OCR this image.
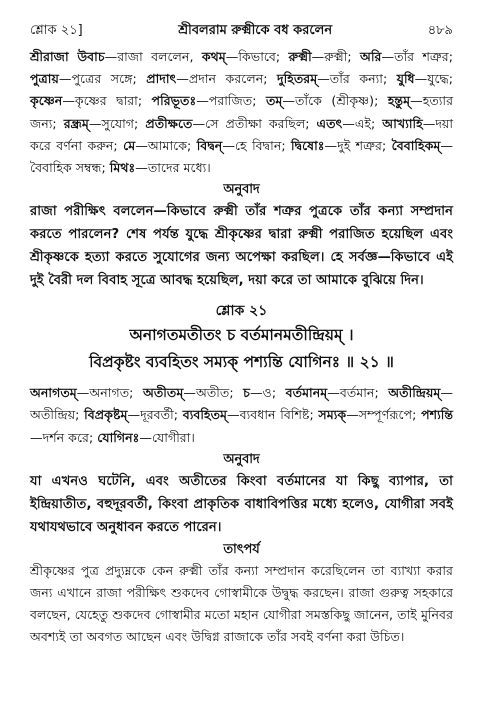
শ্লোক ২১]	শ্রীবলরাম রুক্মীকে বধ করলেন	৪৮৯

শ্রীরাজা উবাচ—রাজা বললেন, কথম্—কিভাবে; রুক্মী—রুক্মী; অরি—তাঁর শত্রুর; পুত্রায়—পুত্রের সঙ্গে; প্রাদাৎ—প্রদান করলেন; দুহিতরম্—তাঁর কন্যা; যুধি—যুদ্ধে; কৃষ্ণেন—কৃষ্ণের দ্বারা; পরিভূতঃ—পরাজিত; তম্—তাঁকে (শ্রীকৃষ্ণ); হন্তুম্—হত্যার জন্য; রন্ধ্রম্—সুযোগ; প্রতীক্ষতে—সে প্রতীক্ষা করছিল; এতৎ—এই; আখ্যাহি—দয়া করে বর্ণনা করুন; মে—আমাকে; বিদ্বন্—হে বিদ্বান; দ্বিষোঃ—দুই শত্রুর; বৈবাহিকম্—বৈবাহিক সম্বন্ধ; মিথঃ—তাদের মধ্যে।

অনুবাদ

রাজা পরীক্ষিৎ বললেন—কিভাবে রুক্মী তাঁর শত্রুর পুত্রকে তাঁর কন্যা সম্প্রদান করতে পারলেন? শেষ পর্যন্ত যুদ্ধে শ্রীকৃষ্ণের দ্বারা রুক্মী পরাজিত হয়েছিল এবং শ্রীকৃষ্ণকে হত্যা করতে সুযোগের জন্য অপেক্ষা করছিল। হে সর্বজ্ঞ—কিভাবে এই দুই বৈরী দল বিবাহ সূত্রে আবদ্ধ হয়েছিল, দয়া করে তা আমাকে বুঝিয়ে দিন।

শ্লোক ২১

অনাগতমতীতং চ বর্তমানমতীন্দ্রিয়ম্ ।

বিপ্রকৃষ্টং ব্যবহিতং সম্যক্ পশ্যন্তি যোগিনঃ ॥ ২১ ॥

অনাগতম্—অনাগত; অতীতম্—অতীত; চ—ও; বর্তমানম্—বর্তমান; অতীন্দ্রিয়ম্—অতীন্দ্রিয়; বিপ্রকৃষ্টম্—দূরবর্তী; ব্যবহিতম্—ব্যবধান বিশিষ্ট; সম্যক্—সম্পূর্ণরূপে; পশ্যন্তি—দর্শন করে; যোগিনঃ—যোগীরা।

অনুবাদ

যা এখনও ঘটেনি, এবং অতীতের কিংবা বর্তমানের যা কিছু ব্যাপার, তা ইন্দ্রিয়াতীত, বহুদূরবর্তী, কিংবা প্রাকৃতিক বাধাবিপত্তির মধ্যে হলেও, যোগীরা সবই যথাযথভাবে অনুধাবন করতে পারেন।

তাৎপর্য

শ্রীকৃষ্ণের পুত্র প্রদ্যুম্নকে কেন রুক্মী তাঁর কন্যা সম্প্রদান করেছিলেন তা ব্যাখ্যা করার জন্য এখানে রাজা পরীক্ষিৎ শুকদেব গোস্বামীকে উদ্বুদ্ধ করছেন। রাজা গুরুত্ব সহকারে বলছেন, যেহেতু শুকদেব গোস্বামীর মতো মহান যোগীরা সমস্তকিছু জানেন, তাই মুনিবর অবশ্যই তা অবগত আছেন এবং উদ্বিগ্ন রাজাকে তাঁর সবই বর্ণনা করা উচিত।
